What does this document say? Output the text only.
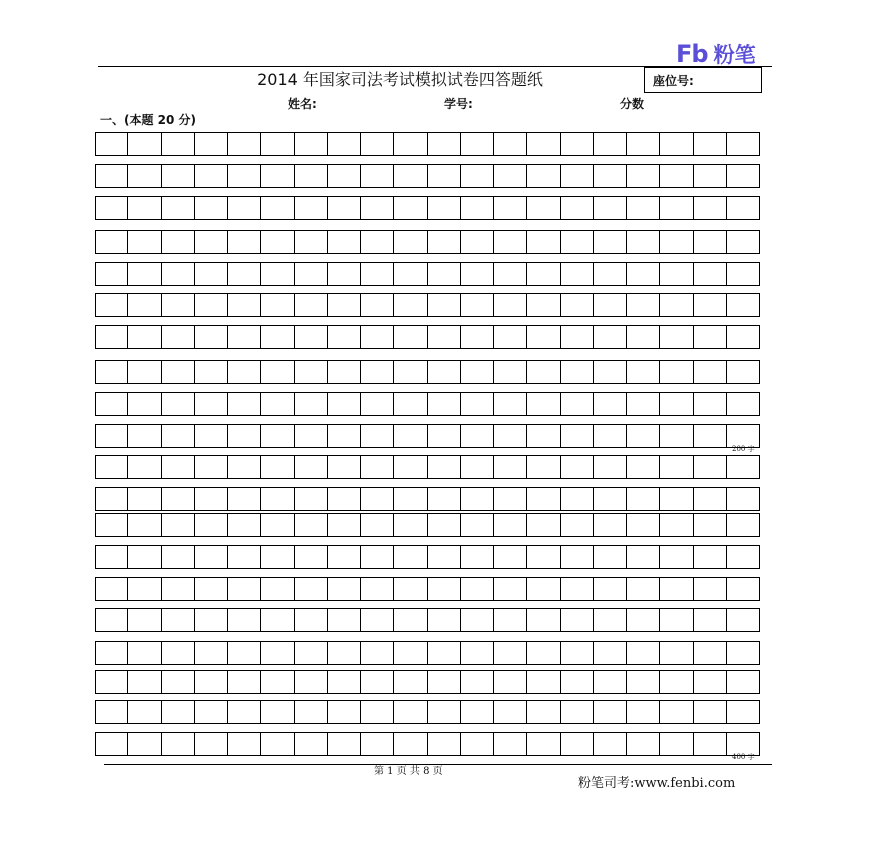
Fb 粉笔
2014 年国家司法考试模拟试卷四答题纸	座位号:
姓名:	学号:	分数
一、(本题 20 分)
200 字
400 字
第 1 页 共 8 页
粉笔司考:www.fenbi.com
